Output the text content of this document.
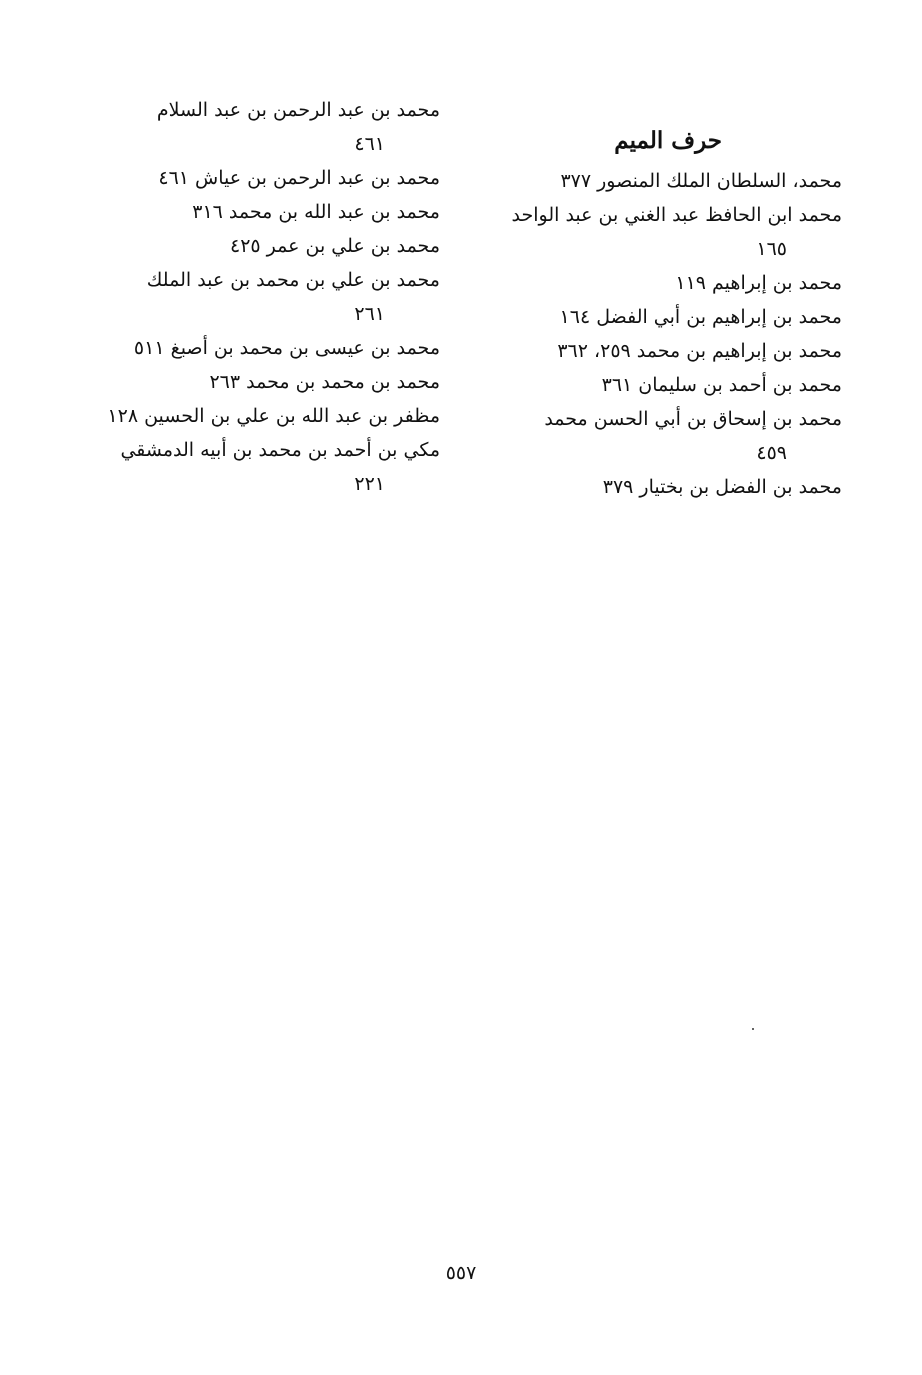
حرف الميم
محمد، السلطان الملك المنصور ٣٧٧
محمد ابن الحافظ عبد الغني بن عبد الواحد
١٦٥
محمد بن إبراهيم ١١٩
محمد بن إبراهيم بن أبي الفضل ١٦٤
محمد بن إبراهيم بن محمد ٢٥٩، ٣٦٢
محمد بن أحمد بن سليمان ٣٦١
محمد بن إسحاق بن أبي الحسن محمد
٤٥٩
محمد بن الفضل بن بختيار ٣٧٩
محمد بن عبد الرحمن بن عبد السلام
٤٦١
محمد بن عبد الرحمن بن عياش ٤٦١
محمد بن عبد الله بن محمد ٣١٦
محمد بن علي بن عمر ٤٢٥
محمد بن علي بن محمد بن عبد الملك
٢٦١
محمد بن عيسى بن محمد بن أصبغ ٥١١
محمد بن محمد بن محمد ٢٦٣
مظفر بن عبد الله بن علي بن الحسين ١٢٨
مكي بن أحمد بن محمد بن أبيه الدمشقي
٢٢١
٥٥٧
